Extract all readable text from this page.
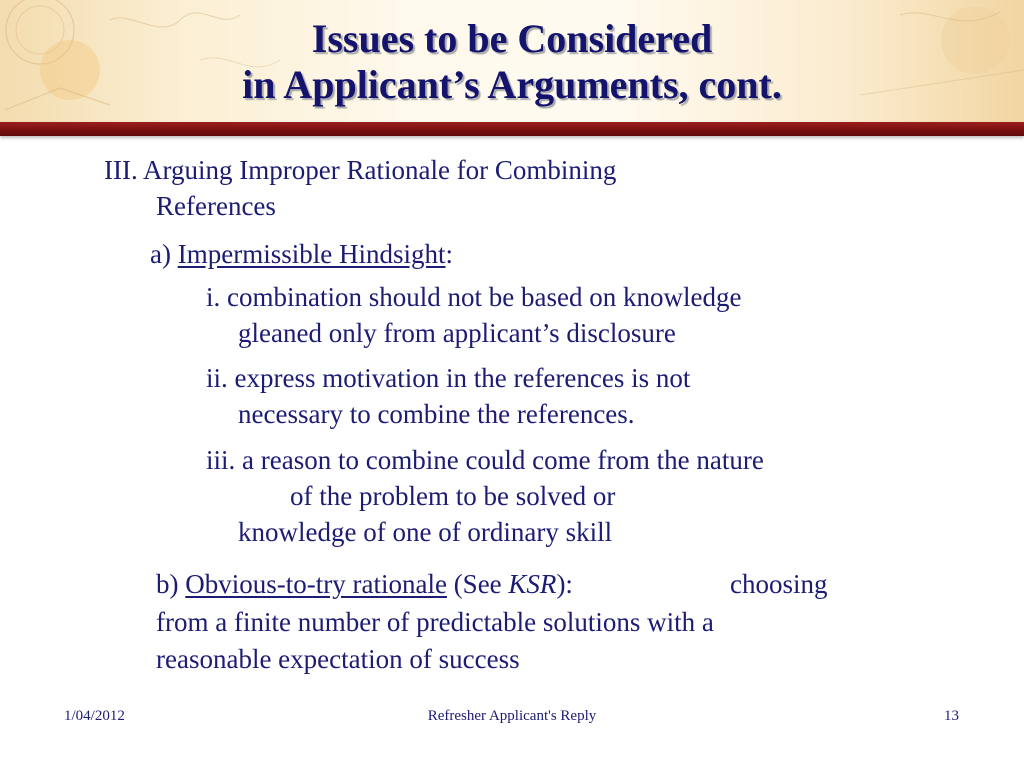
Issues to be Considered
in Applicant’s Arguments, cont.
III. Arguing Improper Rationale for Combining
References
a) Impermissible Hindsight:
i. combination should not be based on knowledge
gleaned only from applicant’s disclosure
ii. express motivation in the references is not
necessary to combine the references.
iii. a reason to combine could come from the nature
of the problem to be solved or
knowledge of one of ordinary skill
b) Obvious-to-try rationale (See KSR):	choosing
from a finite number of predictable solutions with a
reasonable expectation of success
1/04/2012	Refresher Applicant's Reply	13
